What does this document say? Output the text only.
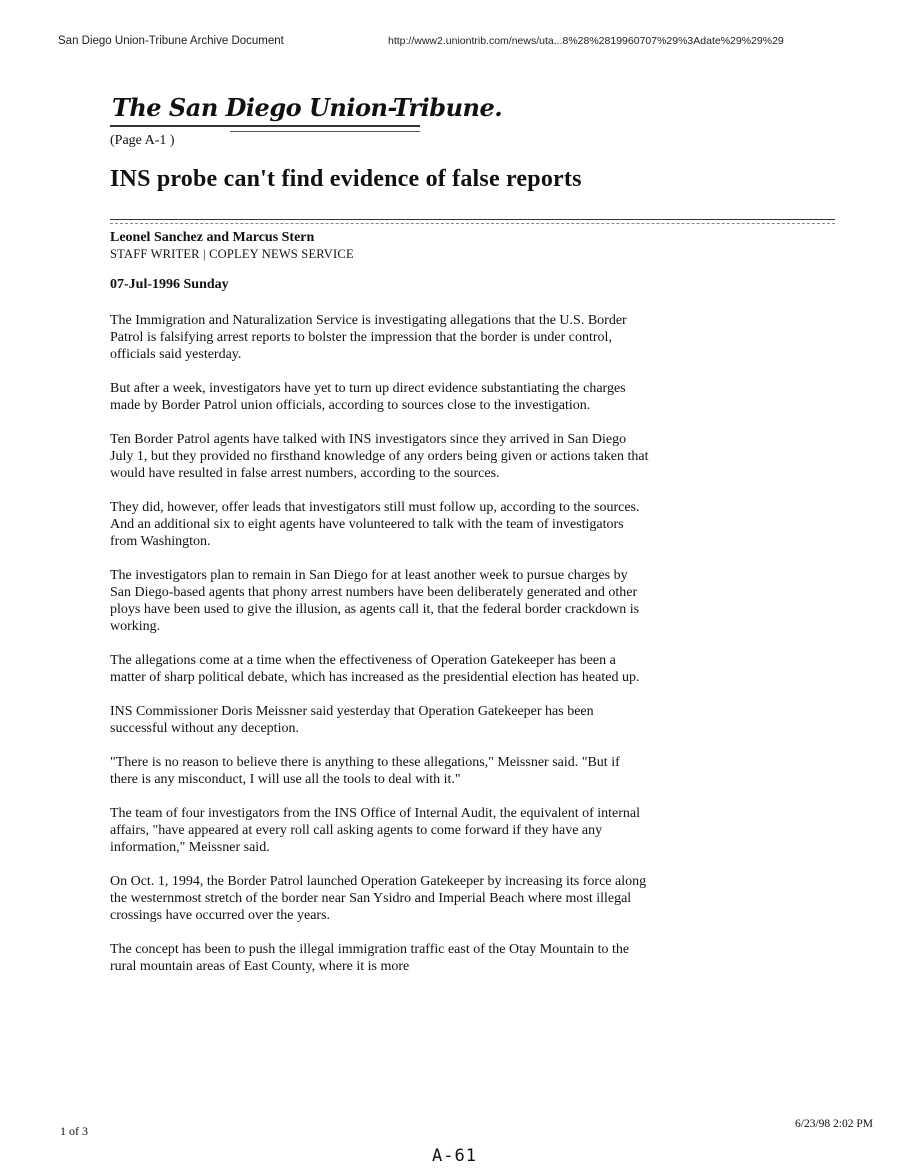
San Diego Union-Tribune Archive Document	http://www2.uniontrib.com/news/uta...8%28%2819960707%29%3Adate%29%29%29
The San Diego Union-Tribune.
(Page A-1 )
INS probe can't find evidence of false reports
Leonel Sanchez and Marcus Stern
STAFF WRITER | COPLEY NEWS SERVICE
07-Jul-1996 Sunday

The Immigration and Naturalization Service is investigating allegations that the U.S. Border Patrol is falsifying arrest reports to bolster the impression that the border is under control, officials said yesterday.

But after a week, investigators have yet to turn up direct evidence substantiating the charges made by Border Patrol union officials, according to sources close to the investigation.

Ten Border Patrol agents have talked with INS investigators since they arrived in San Diego July 1, but they provided no firsthand knowledge of any orders being given or actions taken that would have resulted in false arrest numbers, according to the sources.

They did, however, offer leads that investigators still must follow up, according to the sources. And an additional six to eight agents have volunteered to talk with the team of investigators from Washington.

The investigators plan to remain in San Diego for at least another week to pursue charges by San Diego-based agents that phony arrest numbers have been deliberately generated and other ploys have been used to give the illusion, as agents call it, that the federal border crackdown is working.

The allegations come at a time when the effectiveness of Operation Gatekeeper has been a matter of sharp political debate, which has increased as the presidential election has heated up.

INS Commissioner Doris Meissner said yesterday that Operation Gatekeeper has been successful without any deception.

"There is no reason to believe there is anything to these allegations," Meissner said. "But if there is any misconduct, I will use all the tools to deal with it."

The team of four investigators from the INS Office of Internal Audit, the equivalent of internal affairs, "have appeared at every roll call asking agents to come forward if they have any information," Meissner said.

On Oct. 1, 1994, the Border Patrol launched Operation Gatekeeper by increasing its force along the westernmost stretch of the border near San Ysidro and Imperial Beach where most illegal crossings have occurred over the years.

The concept has been to push the illegal immigration traffic east of the Otay Mountain to the rural mountain areas of East County, where it is more

1 of 3	6/23/98 2:02 PM
A-61
